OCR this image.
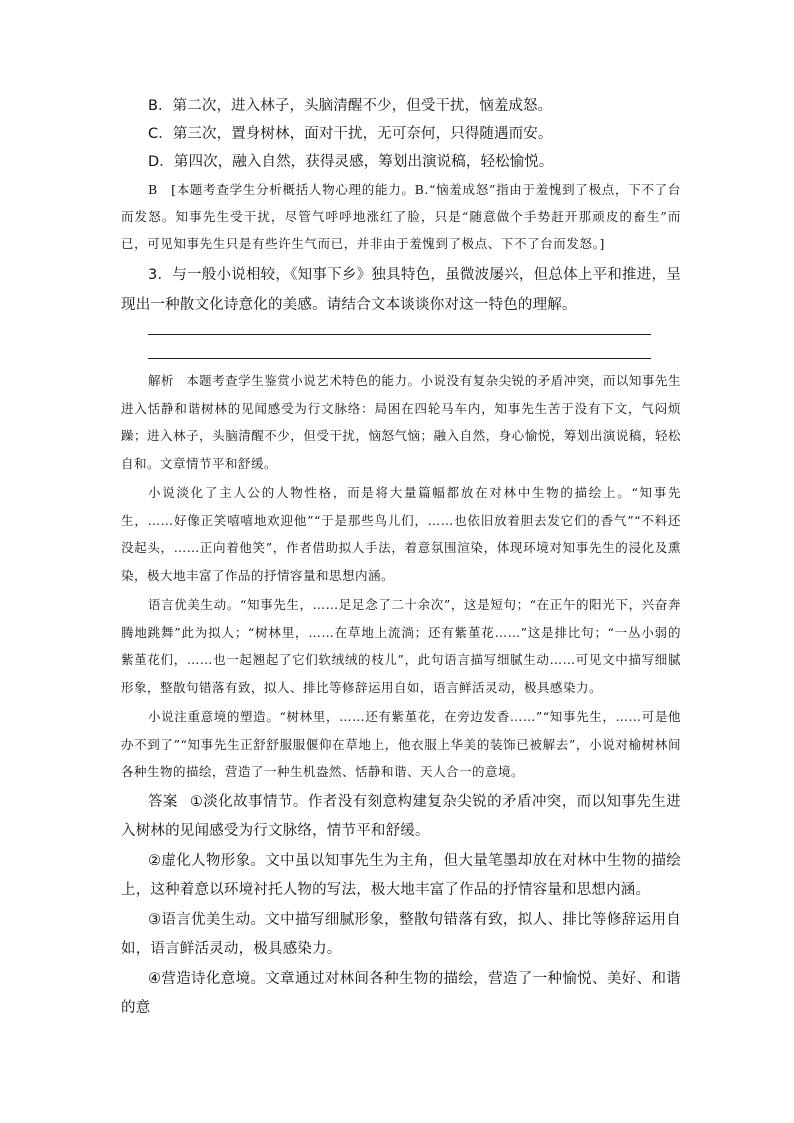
B．第二次，进入林子，头脑清醒不少，但受干扰，恼羞成怒。

C．第三次，置身树林，面对干扰，无可奈何，只得随遇而安。

D．第四次，融入自然，获得灵感，筹划出演说稿，轻松愉悦。

B　[本题考查学生分析概括人物心理的能力。B.“恼羞成怒”指由于羞愧到了极点，下不了台而发怒。知事先生受干扰，尽管气呼呼地涨红了脸，只是“随意做个手势赶开那顽皮的畜生”而已，可见知事先生只是有些许生气而已，并非由于羞愧到了极点、下不了台而发怒。]

3．与一般小说相较，《知事下乡》独具特色，虽微波屡兴，但总体上平和推进，呈现出一种散文化诗意化的美感。请结合文本谈谈你对这一特色的理解。

解析 本题考查学生鉴赏小说艺术特色的能力。小说没有复杂尖锐的矛盾冲突，而以知事先生进入恬静和谐树林的见闻感受为行文脉络：局困在四轮马车内，知事先生苦于没有下文，气闷烦躁；进入林子，头脑清醒不少，但受干扰，恼怒气恼；融入自然，身心愉悦，筹划出演说稿，轻松自和。文章情节平和舒缓。

小说淡化了主人公的人物性格，而是将大量篇幅都放在对林中生物的描绘上。“知事先生，……好像正笑嘻嘻地欢迎他”“于是那些鸟儿们，……也依旧放着胆去发它们的香气”“不料还没起头，……正向着他笑”，作者借助拟人手法，着意氛围渲染，体现环境对知事先生的浸化及熏染，极大地丰富了作品的抒情容量和思想内涵。

语言优美生动。“知事先生，……足足念了二十余次”，这是短句；“在正午的阳光下，兴奋奔腾地跳舞”此为拟人；“树林里，……在草地上流淌；还有紫堇花……”这是排比句；“一丛小弱的紫堇花们，……也一起翘起了它们软绒绒的枝儿”，此句语言描写细腻生动……可见文中描写细腻形象，整散句错落有致，拟人、排比等修辞运用自如，语言鲜活灵动，极具感染力。

小说注重意境的塑造。“树林里，……还有紫堇花，在旁边发香……”“知事先生，……可是他办不到了”“知事先生正舒舒服服偃仰在草地上，他衣服上华美的装饰已被解去”，小说对榆树林间各种生物的描绘，营造了一种生机盎然、恬静和谐、天人合一的意境。

答案 ①淡化故事情节。作者没有刻意构建复杂尖锐的矛盾冲突，而以知事先生进入树林的见闻感受为行文脉络，情节平和舒缓。

②虚化人物形象。文中虽以知事先生为主角，但大量笔墨却放在对林中生物的描绘上，这种着意以环境衬托人物的写法，极大地丰富了作品的抒情容量和思想内涵。

③语言优美生动。文中描写细腻形象，整散句错落有致，拟人、排比等修辞运用自如，语言鲜活灵动，极具感染力。

④营造诗化意境。文章通过对林间各种生物的描绘，营造了一种愉悦、美好、和谐的意
